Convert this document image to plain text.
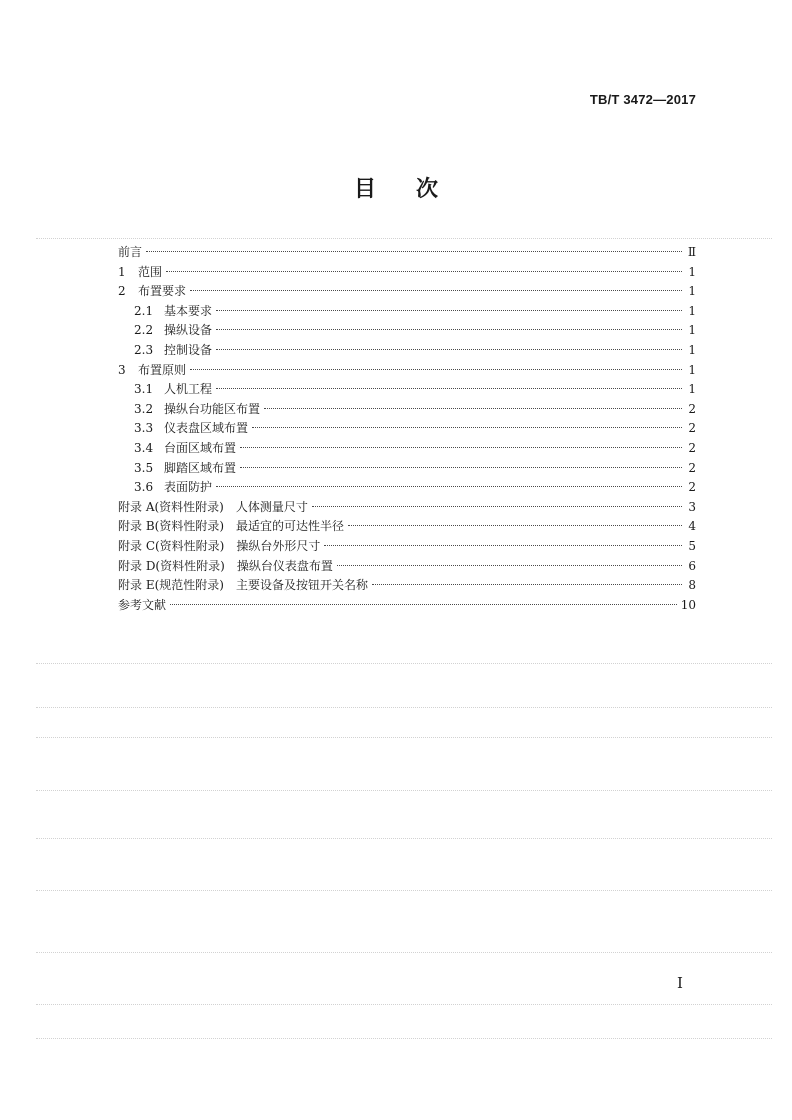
TB/T 3472—2017
目次
前言	Ⅱ
1	范围	1
2	布置要求	1
2.1 基本要求	1
2.2 操纵设备	1
2.3 控制设备	1
3	布置原则	1
3.1 人机工程	1
3.2 操纵台功能区布置	2
3.3 仪表盘区域布置	2
3.4 台面区域布置	2
3.5 脚踏区域布置	2
3.6 表面防护	2
附录 A(资料性附录) 人体测量尺寸	3
附录 B(资料性附录) 最适宜的可达性半径	4
附录 C(资料性附录) 操纵台外形尺寸	5
附录 D(资料性附录) 操纵台仪表盘布置	6
附录 E(规范性附录) 主要设备及按钮开关名称	8
参考文献	10
I
